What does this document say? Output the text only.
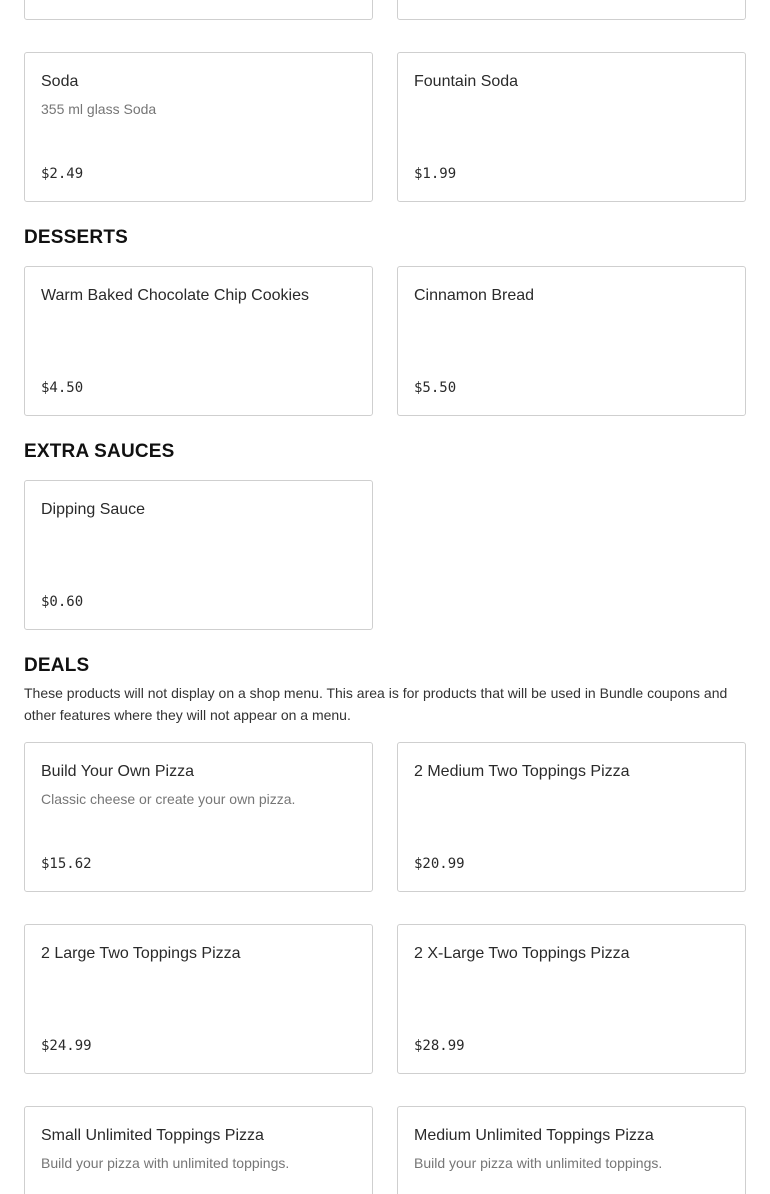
Soda
355 ml glass Soda
$2.49
Fountain Soda
$1.99
DESSERTS
Warm Baked Chocolate Chip Cookies
$4.50
Cinnamon Bread
$5.50
EXTRA SAUCES
Dipping Sauce
$0.60
DEALS

These products will not display on a shop menu. This area is for products that will be used in Bundle coupons and other features where they will not appear on a menu.

Build Your Own Pizza
Classic cheese or create your own pizza.
$15.62
2 Medium Two Toppings Pizza
$20.99
2 Large Two Toppings Pizza
$24.99
2 X-Large Two Toppings Pizza
$28.99
Small Unlimited Toppings Pizza
Build your pizza with unlimited toppings.
Medium Unlimited Toppings Pizza
Build your pizza with unlimited toppings.
